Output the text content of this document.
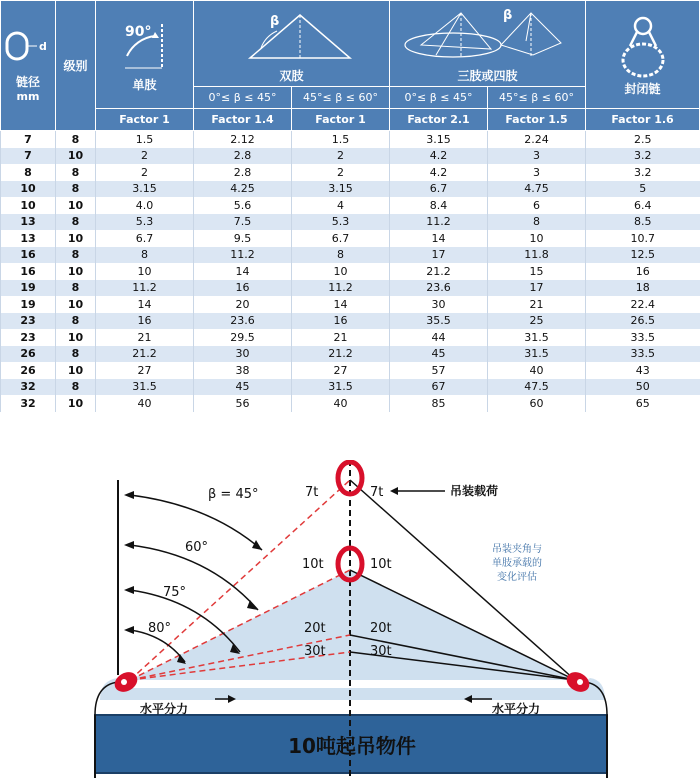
d
链径
mm	级别	90°
单肢	β
双肢		β
三肢或四肢		封闭链

			0°≤ β ≤ 45°	45°≤ β ≤ 60°	0°≤ β ≤ 45°	45°≤ β ≤ 60°	
		Factor 1	Factor 1.4	Factor 1	Factor 2.1	Factor 1.5	Factor 1.6
7	8	1.5	2.12	1.5	3.15	2.24	2.5
7	10	2	2.8	2	4.2	3	3.2
8	8	2	2.8	2	4.2	3	3.2
10	8	3.15	4.25	3.15	6.7	4.75	5
10	10	4.0	5.6	4	8.4	6	6.4
13	8	5.3	7.5	5.3	11.2	8	8.5
13	10	6.7	9.5	6.7	14	10	10.7
16	8	8	11.2	8	17	11.8	12.5
16	10	10	14	10	21.2	15	16
19	8	11.2	16	11.2	23.6	17	18
19	10	14	20	14	30	21	22.4
23	8	16	23.6	16	35.5	25	26.5
23	10	21	29.5	21	44	31.5	33.5
26	8	21.2	30	21.2	45	31.5	33.5
26	10	27	38	27	57	40	43
32	8	31.5	45	31.5	67	47.5	50
32	10	40	56	40	85	60	65
10吨起吊物件
β = 45°
60°
75°
80°
7t	7t
10t	10t
20t	20t
30t	30t
吊装载荷
吊装夹角与
单肢承载的
变化评估
水平分力	水平分力
